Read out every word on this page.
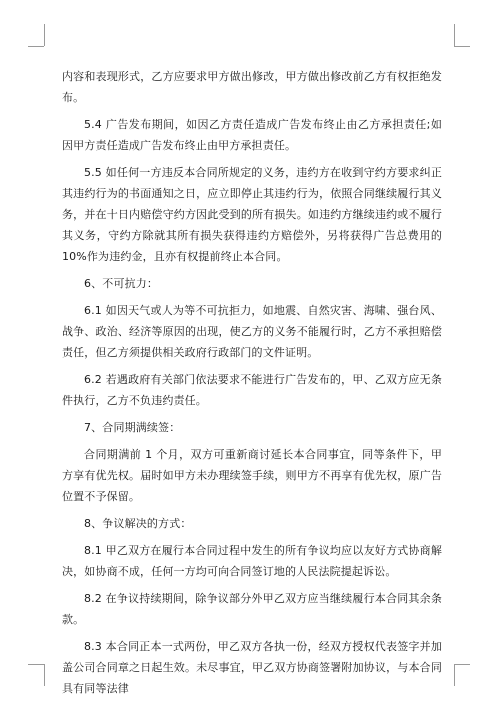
内容和表现形式，乙方应要求甲方做出修改，甲方做出修改前乙方有权拒绝发布。

5.4 广告发布期间，如因乙方责任造成广告发布终止由乙方承担责任;如因甲方责任造成广告发布终止由甲方承担责任。

5.5 如任何一方违反本合同所规定的义务，违约方在收到守约方要求纠正其违约行为的书面通知之日，应立即停止其违约行为，依照合同继续履行其义务，并在十日内赔偿守约方因此受到的所有损失。如违约方继续违约或不履行其义务，守约方除就其所有损失获得违约方赔偿外，另将获得广告总费用的 10%作为违约金，且亦有权提前终止本合同。

6、不可抗力：

6.1 如因天气或人为等不可抗拒力，如地震、自然灾害、海啸、强台风、战争、政治、经济等原因的出现，使乙方的义务不能履行时，乙方不承担赔偿责任，但乙方须提供相关政府行政部门的文件证明。

6.2 若遇政府有关部门依法要求不能进行广告发布的，甲、乙双方应无条件执行，乙方不负违约责任。

7、合同期满续签：

合同期满前 1 个月，双方可重新商讨延长本合同事宜，同等条件下，甲方享有优先权。届时如甲方未办理续签手续，则甲方不再享有优先权，原广告位置不予保留。

8、争议解决的方式：

8.1 甲乙双方在履行本合同过程中发生的所有争议均应以友好方式协商解决，如协商不成，任何一方均可向合同签订地的人民法院提起诉讼。

8.2 在争议持续期间，除争议部分外甲乙双方应当继续履行本合同其余条款。

8.3 本合同正本一式两份，甲乙双方各执一份，经双方授权代表签字并加盖公司合同章之日起生效。未尽事宜，甲乙双方协商签署附加协议，与本合同具有同等法律
